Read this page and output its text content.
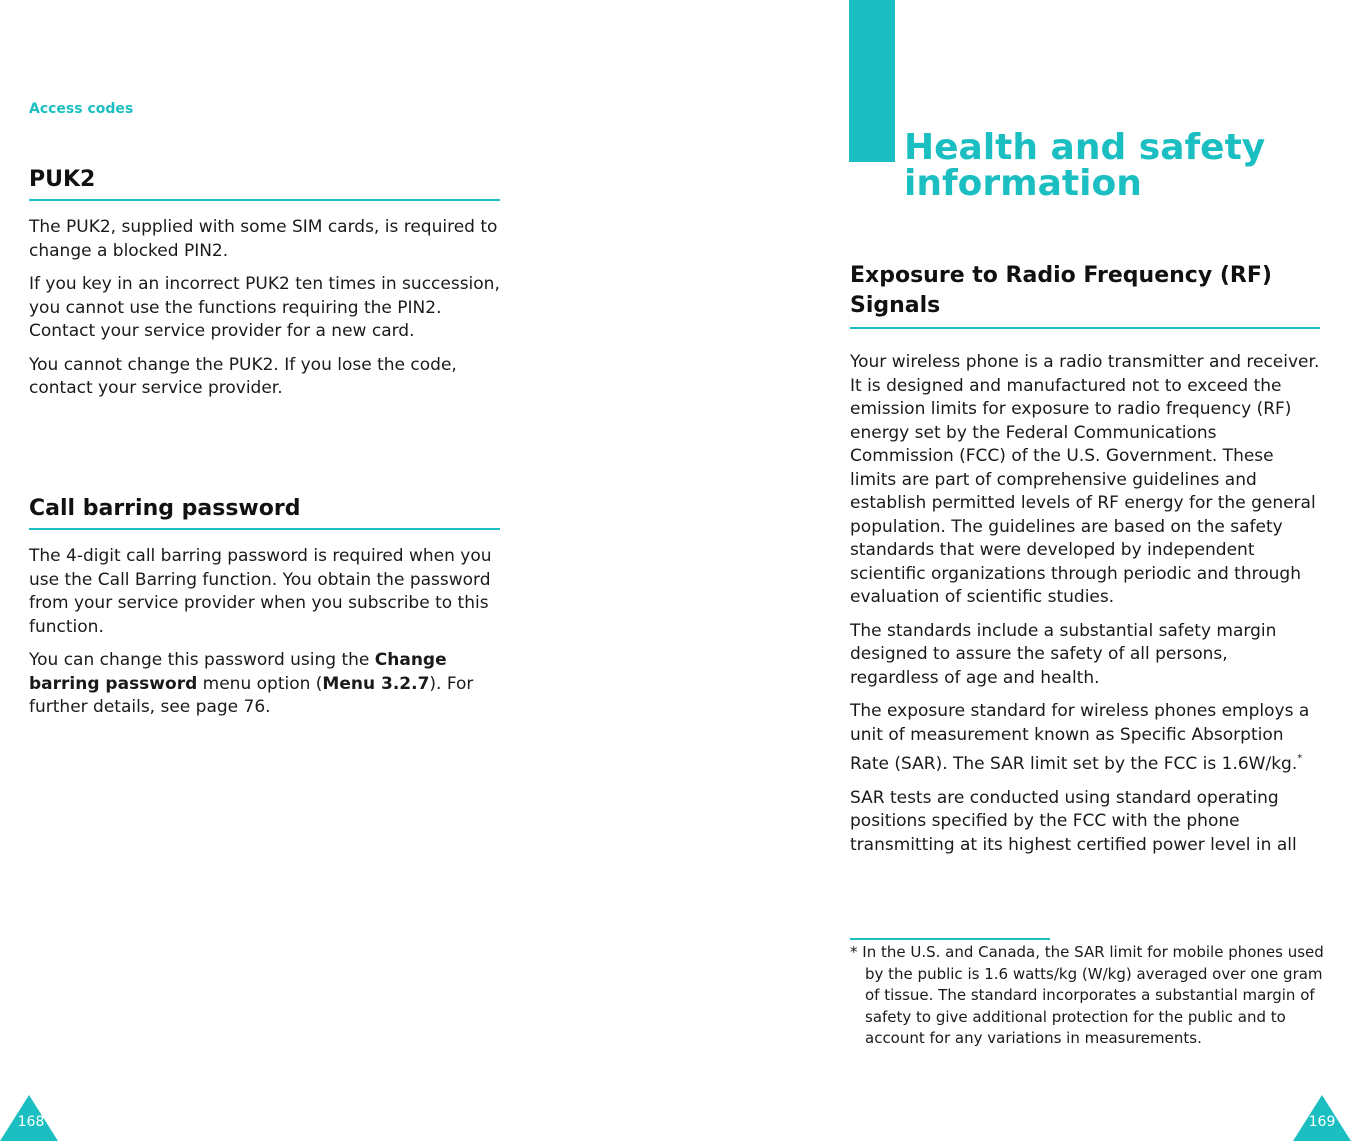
Access codes
PUK2

The PUK2, supplied with some SIM cards, is required to change a blocked PIN2.

If you key in an incorrect PUK2 ten times in succession, you cannot use the functions requiring the PIN2. Contact your service provider for a new card.

You cannot change the PUK2. If you lose the code, contact your service provider.

Call barring password

The 4-digit call barring password is required when you use the Call Barring function. You obtain the password from your service provider when you subscribe to this function.

You can change this password using the Change barring password menu option (Menu 3.2.7). For further details, see page 76.

168
Health and safety
information
Exposure to Radio Frequency (RF) Signals

Your wireless phone is a radio transmitter and receiver. It is designed and manufactured not to exceed the emission limits for exposure to radio frequency (RF) energy set by the Federal Communications Commission (FCC) of the U.S. Government. These limits are part of comprehensive guidelines and establish permitted levels of RF energy for the general population. The guidelines are based on the safety standards that were developed by independent scientific organizations through periodic and through evaluation of scientific studies.

The standards include a substantial safety margin designed to assure the safety of all persons, regardless of age and health.

The exposure standard for wireless phones employs a unit of measurement known as Specific Absorption Rate (SAR). The SAR limit set by the FCC is 1.6W/kg.*

SAR tests are conducted using standard operating positions specified by the FCC with the phone transmitting at its highest certified power level in all

* In the U.S. and Canada, the SAR limit for mobile phones used by the public is 1.6 watts/kg (W/kg) averaged over one gram of tissue. The standard incorporates a substantial margin of safety to give additional protection for the public and to account for any variations in measurements.
169
